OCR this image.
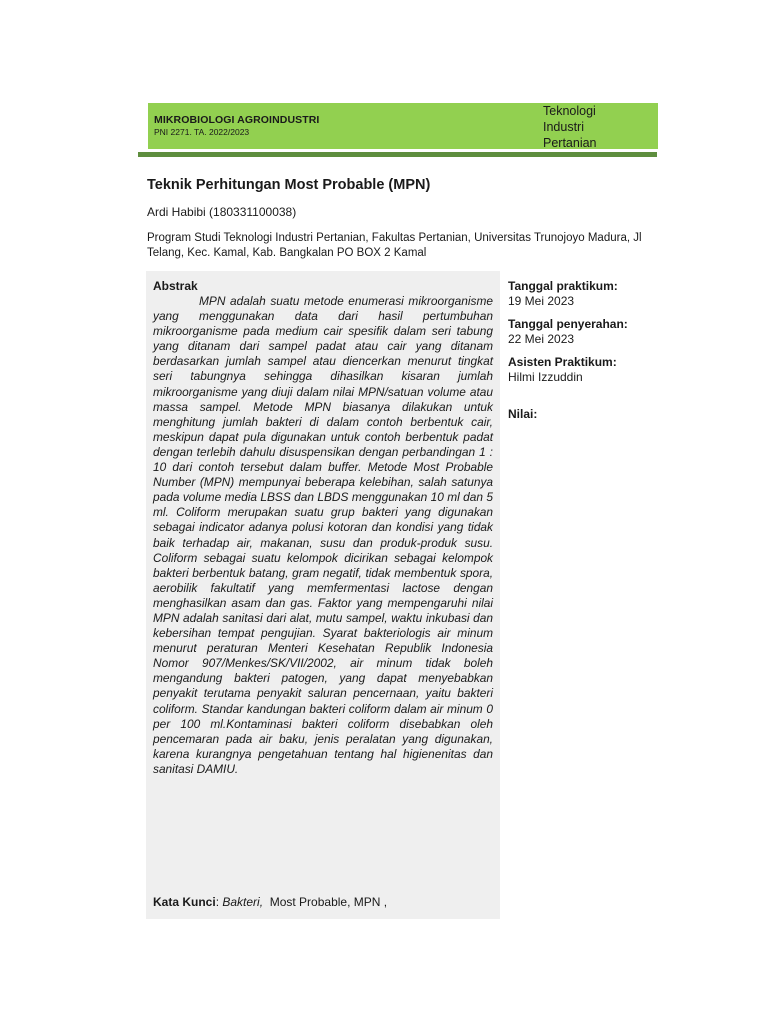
MIKROBIOLOGI AGROINDUSTRI
PNI 2271. TA. 2022/2023
Teknologi
Industri
Pertanian
Teknik Perhitungan Most Probable (MPN)
Ardi Habibi (180331100038)
Program Studi Teknologi Industri Pertanian, Fakultas Pertanian, Universitas Trunojoyo Madura, Jl Telang, Kec. Kamal, Kab. Bangkalan PO BOX 2 Kamal
Abstrak

MPN adalah suatu metode enumerasi mikroorganisme yang menggunakan data dari hasil pertumbuhan mikroorganisme pada medium cair spesifik dalam seri tabung yang ditanam dari sampel padat atau cair yang ditanam berdasarkan jumlah sampel atau diencerkan menurut tingkat seri tabungnya sehingga dihasilkan kisaran jumlah mikroorganisme yang diuji dalam nilai MPN/satuan volume atau massa sampel. Metode MPN biasanya dilakukan untuk menghitung jumlah bakteri di dalam contoh berbentuk cair, meskipun dapat pula digunakan untuk contoh berbentuk padat dengan terlebih dahulu disuspensikan dengan perbandingan 1 : 10 dari contoh tersebut dalam buffer. Metode Most Probable Number (MPN) mempunyai beberapa kelebihan, salah satunya pada volume media LBSS dan LBDS menggunakan 10 ml dan 5 ml. Coliform merupakan suatu grup bakteri yang digunakan sebagai indicator adanya polusi kotoran dan kondisi yang tidak baik terhadap air, makanan, susu dan produk-produk susu. Coliform sebagai suatu kelompok dicirikan sebagai kelompok bakteri berbentuk batang, gram negatif, tidak membentuk spora, aerobilik fakultatif yang memfermentasi lactose dengan menghasilkan asam dan gas. Faktor yang mempengaruhi nilai MPN adalah sanitasi dari alat, mutu sampel, waktu inkubasi dan kebersihan tempat pengujian. Syarat bakteriologis air minum menurut peraturan Menteri Kesehatan Republik Indonesia Nomor 907/Menkes/SK/VII/2002, air minum tidak boleh mengandung bakteri patogen, yang dapat menyebabkan penyakit terutama penyakit saluran pencernaan, yaitu bakteri coliform. Standar kandungan bakteri coliform dalam air minum 0 per 100 ml.Kontaminasi bakteri coliform disebabkan oleh pencemaran pada air baku, jenis peralatan yang digunakan, karena kurangnya pengetahuan tentang hal higienenitas dan sanitasi DAMIU.

Kata Kunci: Bakteri,  Most Probable, MPN ,
Tanggal praktikum:
19 Mei 2023
Tanggal penyerahan:
22 Mei 2023
Asisten Praktikum:
Hilmi Izzuddin
Nilai:
